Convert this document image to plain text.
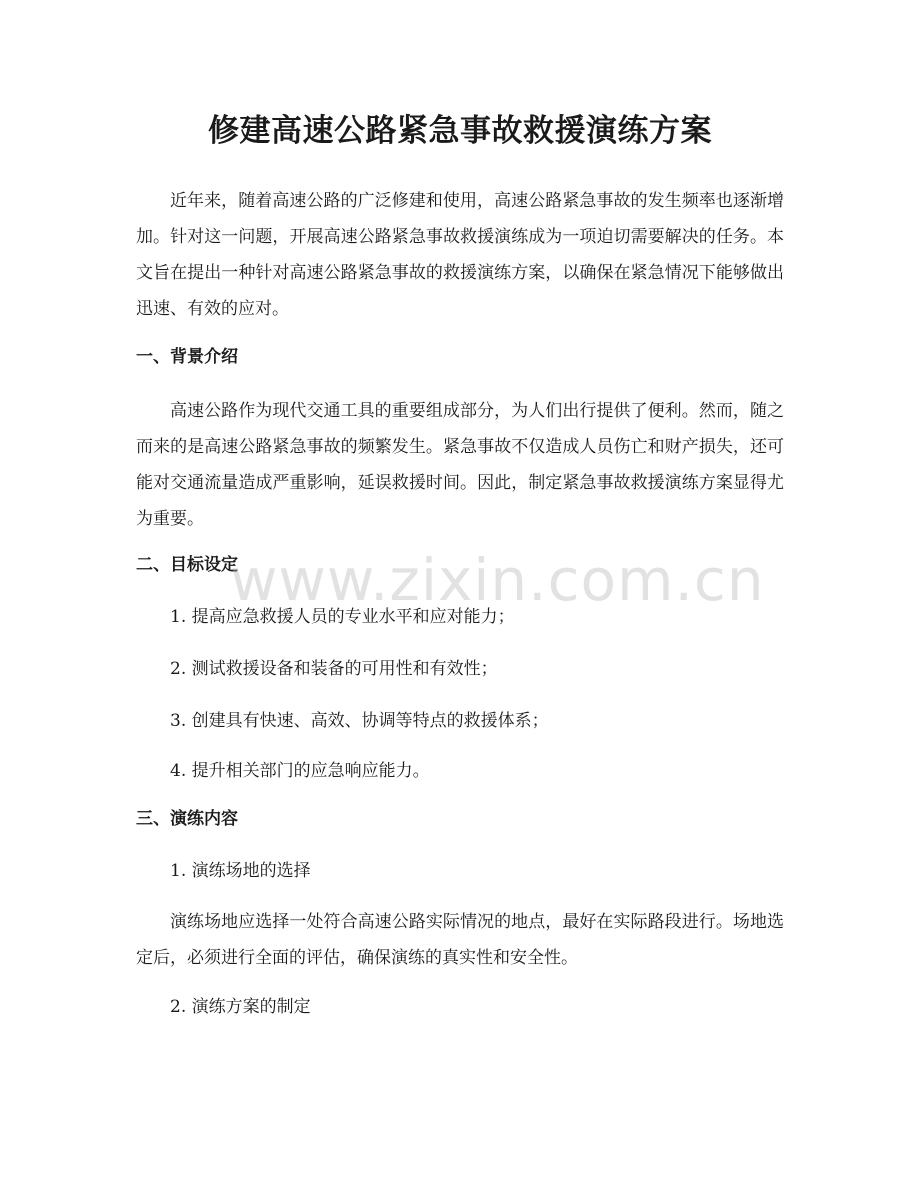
修建高速公路紧急事故救援演练方案

近年来，随着高速公路的广泛修建和使用，高速公路紧急事故的发生频率也逐渐增加。针对这一问题，开展高速公路紧急事故救援演练成为一项迫切需要解决的任务。本文旨在提出一种针对高速公路紧急事故的救援演练方案，以确保在紧急情况下能够做出迅速、有效的应对。

一、背景介绍

高速公路作为现代交通工具的重要组成部分，为人们出行提供了便利。然而，随之而来的是高速公路紧急事故的频繁发生。紧急事故不仅造成人员伤亡和财产损失，还可能对交通流量造成严重影响，延误救援时间。因此，制定紧急事故救援演练方案显得尤为重要。

二、目标设定

1. 提高应急救援人员的专业水平和应对能力；

2. 测试救援设备和装备的可用性和有效性；

3. 创建具有快速、高效、协调等特点的救援体系；

4. 提升相关部门的应急响应能力。

三、演练内容

1. 演练场地的选择

演练场地应选择一处符合高速公路实际情况的地点，最好在实际路段进行。场地选定后，必须进行全面的评估，确保演练的真实性和安全性。

2. 演练方案的制定

www.zixin.com.cn
